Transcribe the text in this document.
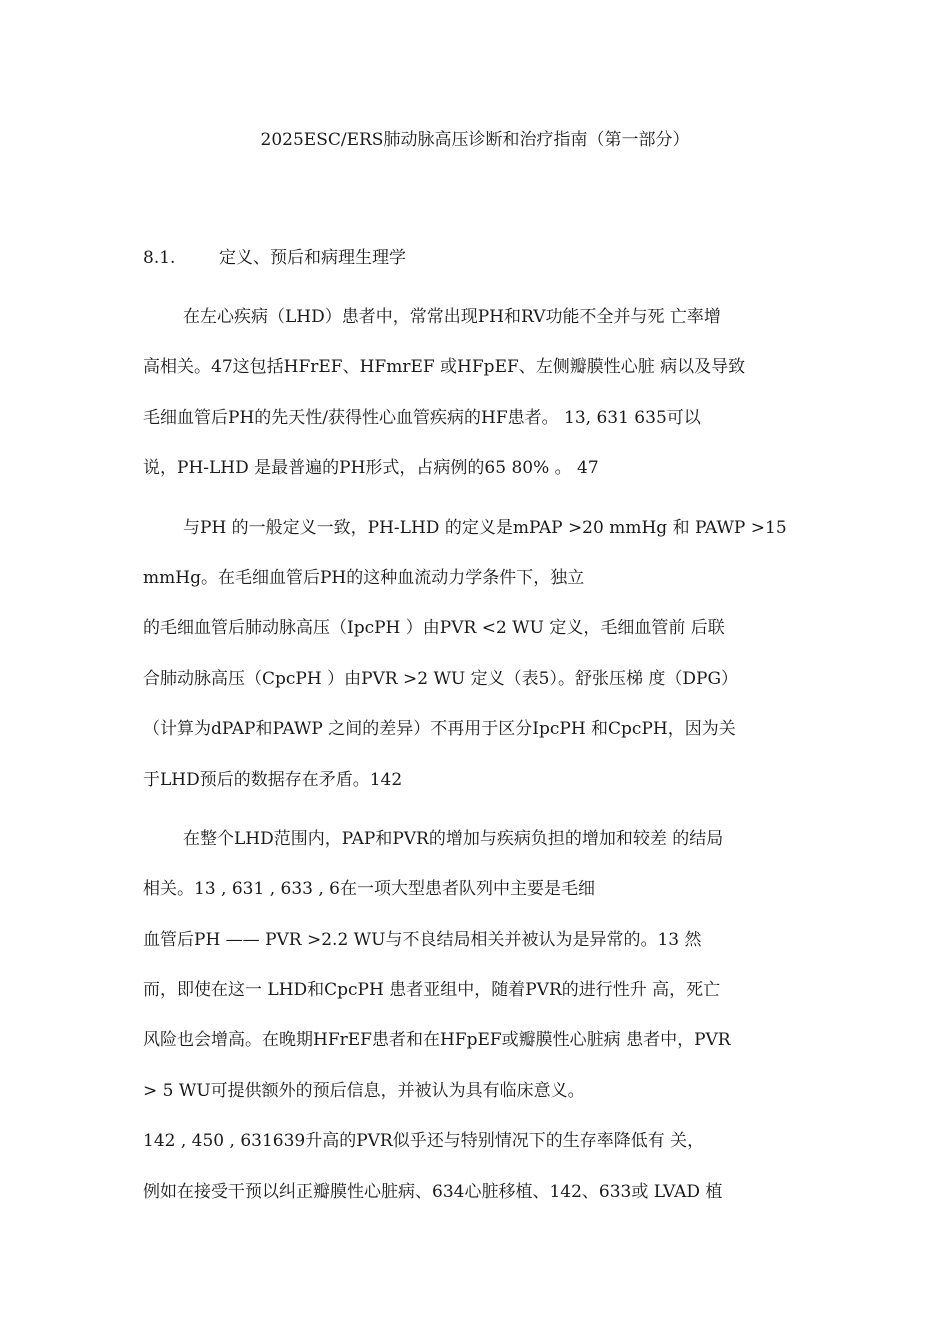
2025ESC/ERS肺动脉高压诊断和治疗指南（第一部分）
8.1.	定义、预后和病理生理学
在左心疾病（LHD）患者中，常常出现PH和RV功能不全并与死 亡率增
高相关。47这包括HFrEF、HFmrEF 或HFpEF、左侧瓣膜性心脏 病以及导致
毛细血管后PH的先天性/获得性心血管疾病的HF患者。 13, 631 635可以
说，PH-LHD 是最普遍的PH形式，占病例的65 80% 。 47
与PH 的一般定义一致，PH-LHD 的定义是mPAP >20 mmHg 和 PAWP >15
mmHg。在毛细血管后PH的这种血流动力学条件下，独立
的毛细血管后肺动脉高压（IpcPH ）由PVR <2 WU 定义，毛细血管前 后联
合肺动脉高压（CpcPH ）由PVR >2 WU 定义（表5）。舒张压梯 度（DPG）
（计算为dPAP和PAWP 之间的差异）不再用于区分IpcPH 和CpcPH，因为关
于LHD预后的数据存在矛盾。142
在整个LHD范围内，PAP和PVR的增加与疾病负担的增加和较差 的结局
相关。13 , 631 , 633 , 6在一项大型患者队列中主要是毛细
血管后PH —— PVR >2.2 WU与不良结局相关并被认为是异常的。13 然
而，即使在这一 LHD和CpcPH 患者亚组中，随着PVR的进行性升 高，死亡
风险也会增高。在晚期HFrEF患者和在HFpEF或瓣膜性心脏病 患者中，PVR
> 5 WU可提供额外的预后信息，并被认为具有临床意义。
142 , 450 , 631639升高的PVR似乎还与特别情况下的生存率降低有 关，
例如在接受干预以纠正瓣膜性心脏病、634心脏移植、142、633或 LVAD 植
